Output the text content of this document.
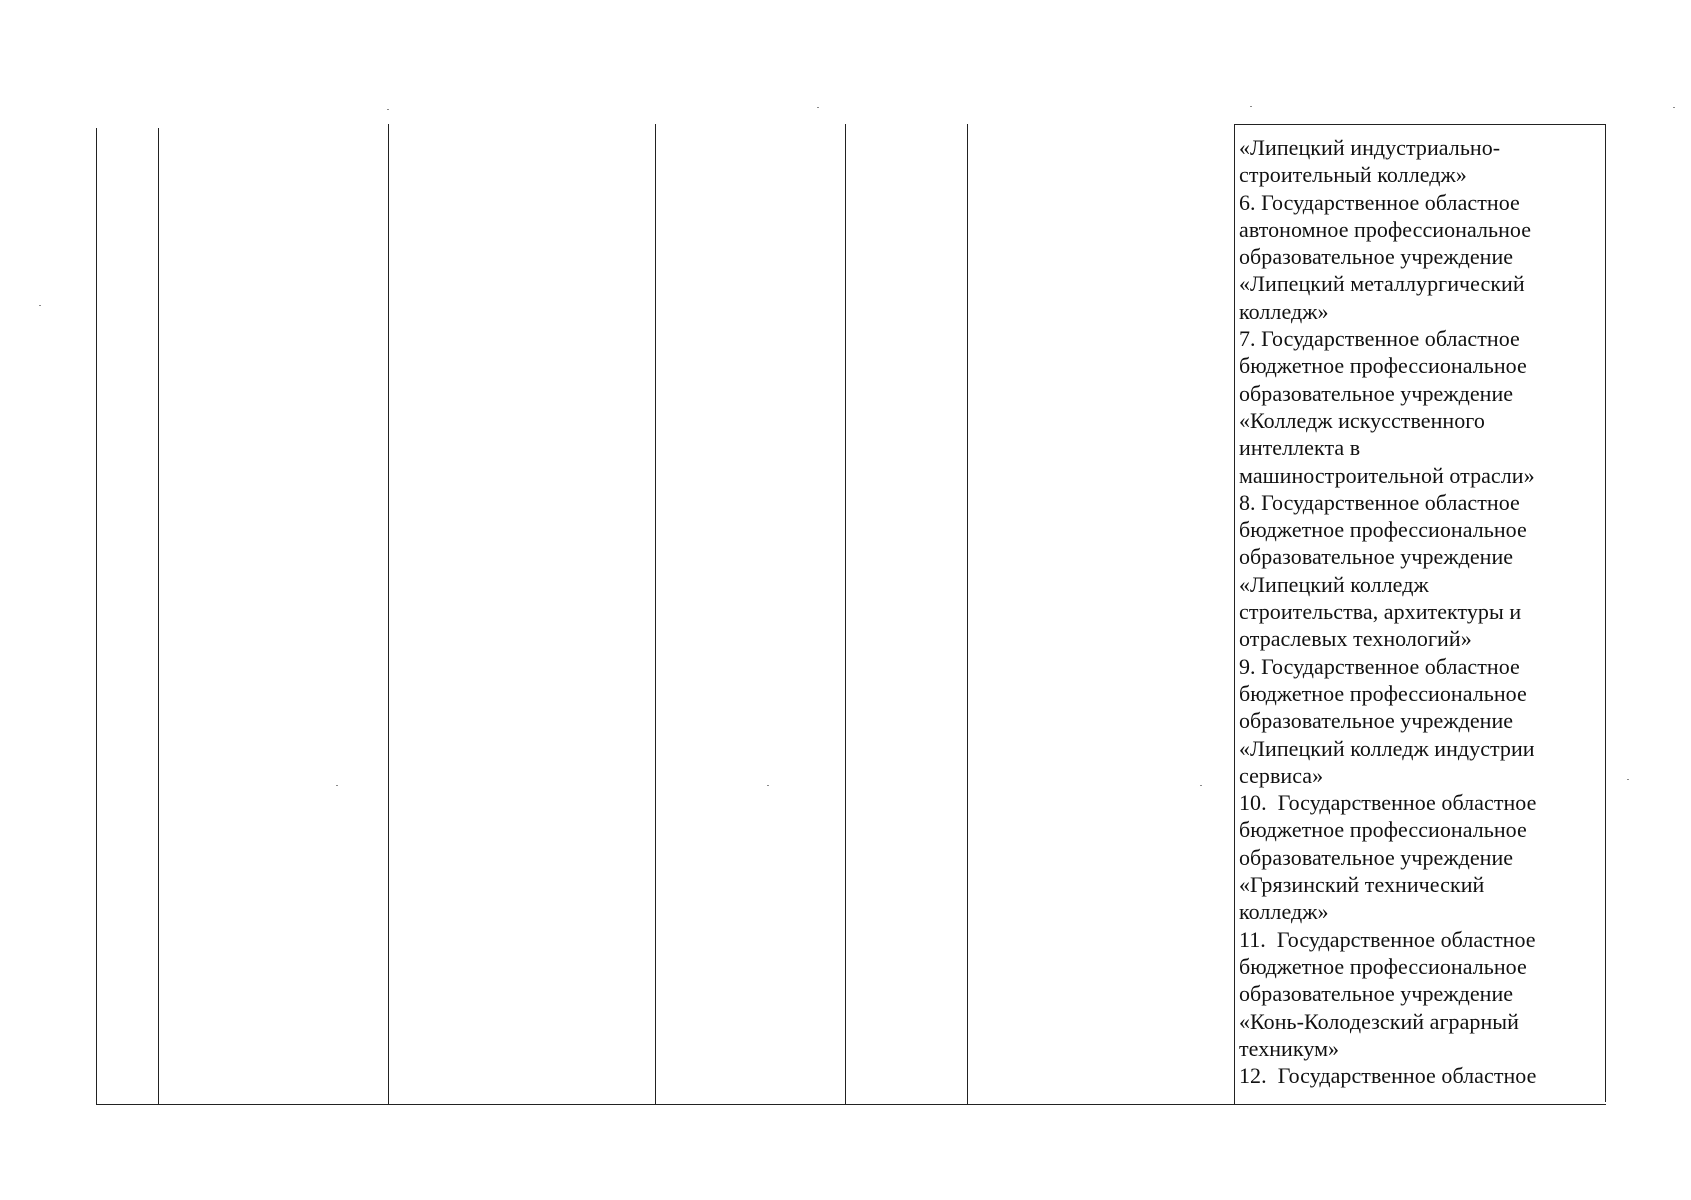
«Липецкий индустриально-
строительный колледж»
6. Государственное областное
автономное профессиональное
образовательное учреждение
«Липецкий металлургический
колледж»
7. Государственное областное
бюджетное профессиональное
образовательное учреждение
«Колледж искусственного
интеллекта в
машиностроительной отрасли»
8. Государственное областное
бюджетное профессиональное
образовательное учреждение
«Липецкий колледж
строительства, архитектуры и
отраслевых технологий»
9. Государственное областное
бюджетное профессиональное
образовательное учреждение
«Липецкий колледж индустрии
сервиса»
10.  Государственное областное
бюджетное профессиональное
образовательное учреждение
«Грязинский технический
колледж»
11.  Государственное областное
бюджетное профессиональное
образовательное учреждение
«Конь-Колодезский аграрный
техникум»
12.  Государственное областное
